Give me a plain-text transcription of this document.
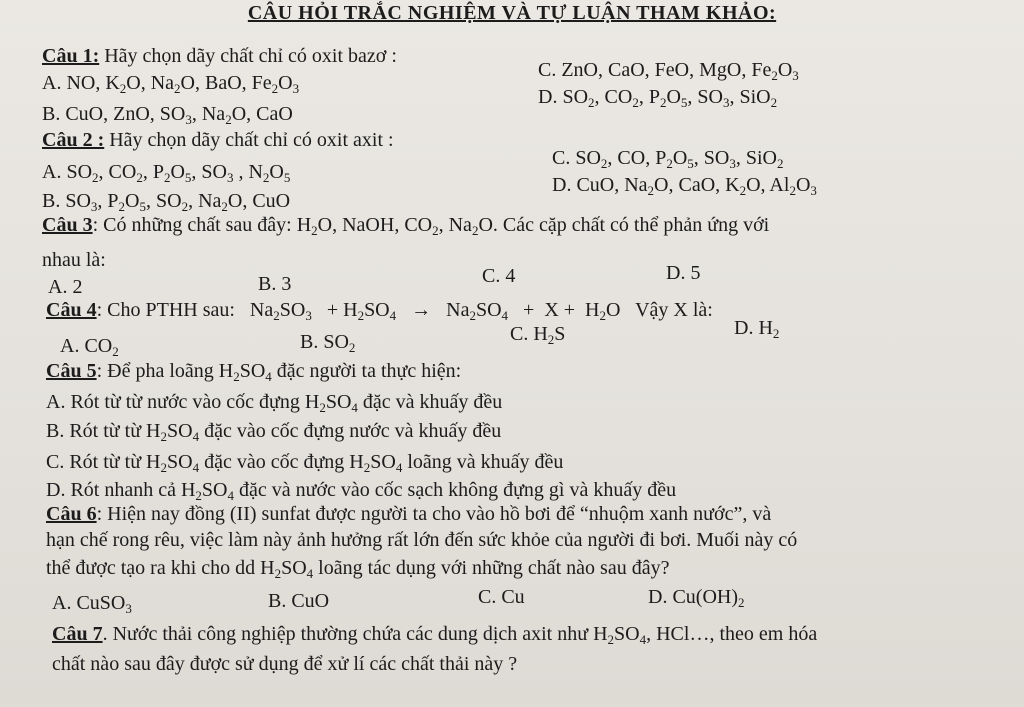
CÂU HỎI TRẮC NGHIỆM VÀ TỰ LUẬN THAM KHẢO:
Câu 1: Hãy chọn dãy chất chỉ có oxit bazơ :
A. NO, $K_2O$, $Na_2O$, BaO, $Fe_2O_3$
C. ZnO, CaO, FeO, MgO, $Fe_2O_3$
B. CuO, ZnO, $SO_3$, $Na_2O$, CaO
D. $SO_2$, $CO_2$, $P_2O_5$, $SO_3$, SiO$_2$
Câu 2 : Hãy chọn dãy chất chỉ có oxit axit :
C. $SO_2$, CO, $P_2O_5$, $SO_3$, SiO$_2$
A. $SO_2$, $CO_2$, $P_2O_5$, $SO_3$ , $N_2O_5$	D. CuO, $Na_2O$, CaO, $K_2O$, $Al_2O_3$
B. $SO_3$, $P_2O_5$, $SO_2$, $Na_2O$, CuO
Câu 3: Có những chất sau đây: $H_2O$, NaOH, $CO_2$, $Na_2O$. Các cặp chất có thể phản ứng với
nhau là:
A. 2	B. 3	C. 4	D. 5
Câu 4: Cho PTHH sau:   $Na_2SO_3 + H_2SO_4 \to Na_2SO_4 + X + H_2O$   Vậy X là:
A. $CO_2$	B. $SO_2$
C. $H_2S$	D. $H_2$
Câu 5: Để pha loãng $H_2SO_4$ đặc người ta thực hiện:
A. Rót từ từ nước vào cốc đựng $H_2SO_4$ đặc và khuấy đều
B. Rót từ từ $H_2SO_4$ đặc vào cốc đựng nước và khuấy đều
C. Rót từ từ $H_2SO_4$ đặc vào cốc đựng $H_2SO_4$ loãng và khuấy đều
D. Rót nhanh cả $H_2SO_4$ đặc và nước vào cốc sạch không đựng gì và khuấy đều
Câu 6: Hiện nay đồng (II) sunfat được người ta cho vào hồ bơi để “nhuộm xanh nước”, và
hạn chế rong rêu, việc làm này ảnh hưởng rất lớn đến sức khỏe của người đi bơi. Muối này có
thể được tạo ra khi cho dd $H_2SO_4$ loãng tác dụng với những chất nào sau đây?
A. CuSO$_3$	B. CuO	C. Cu	D. $Cu(OH)_2$
Câu 7. Nước thải công nghiệp thường chứa các dung dịch axit như $H_2SO_4$, HCl…, theo em hóa
chất nào sau đây được sử dụng để xử lí các chất thải này ?
